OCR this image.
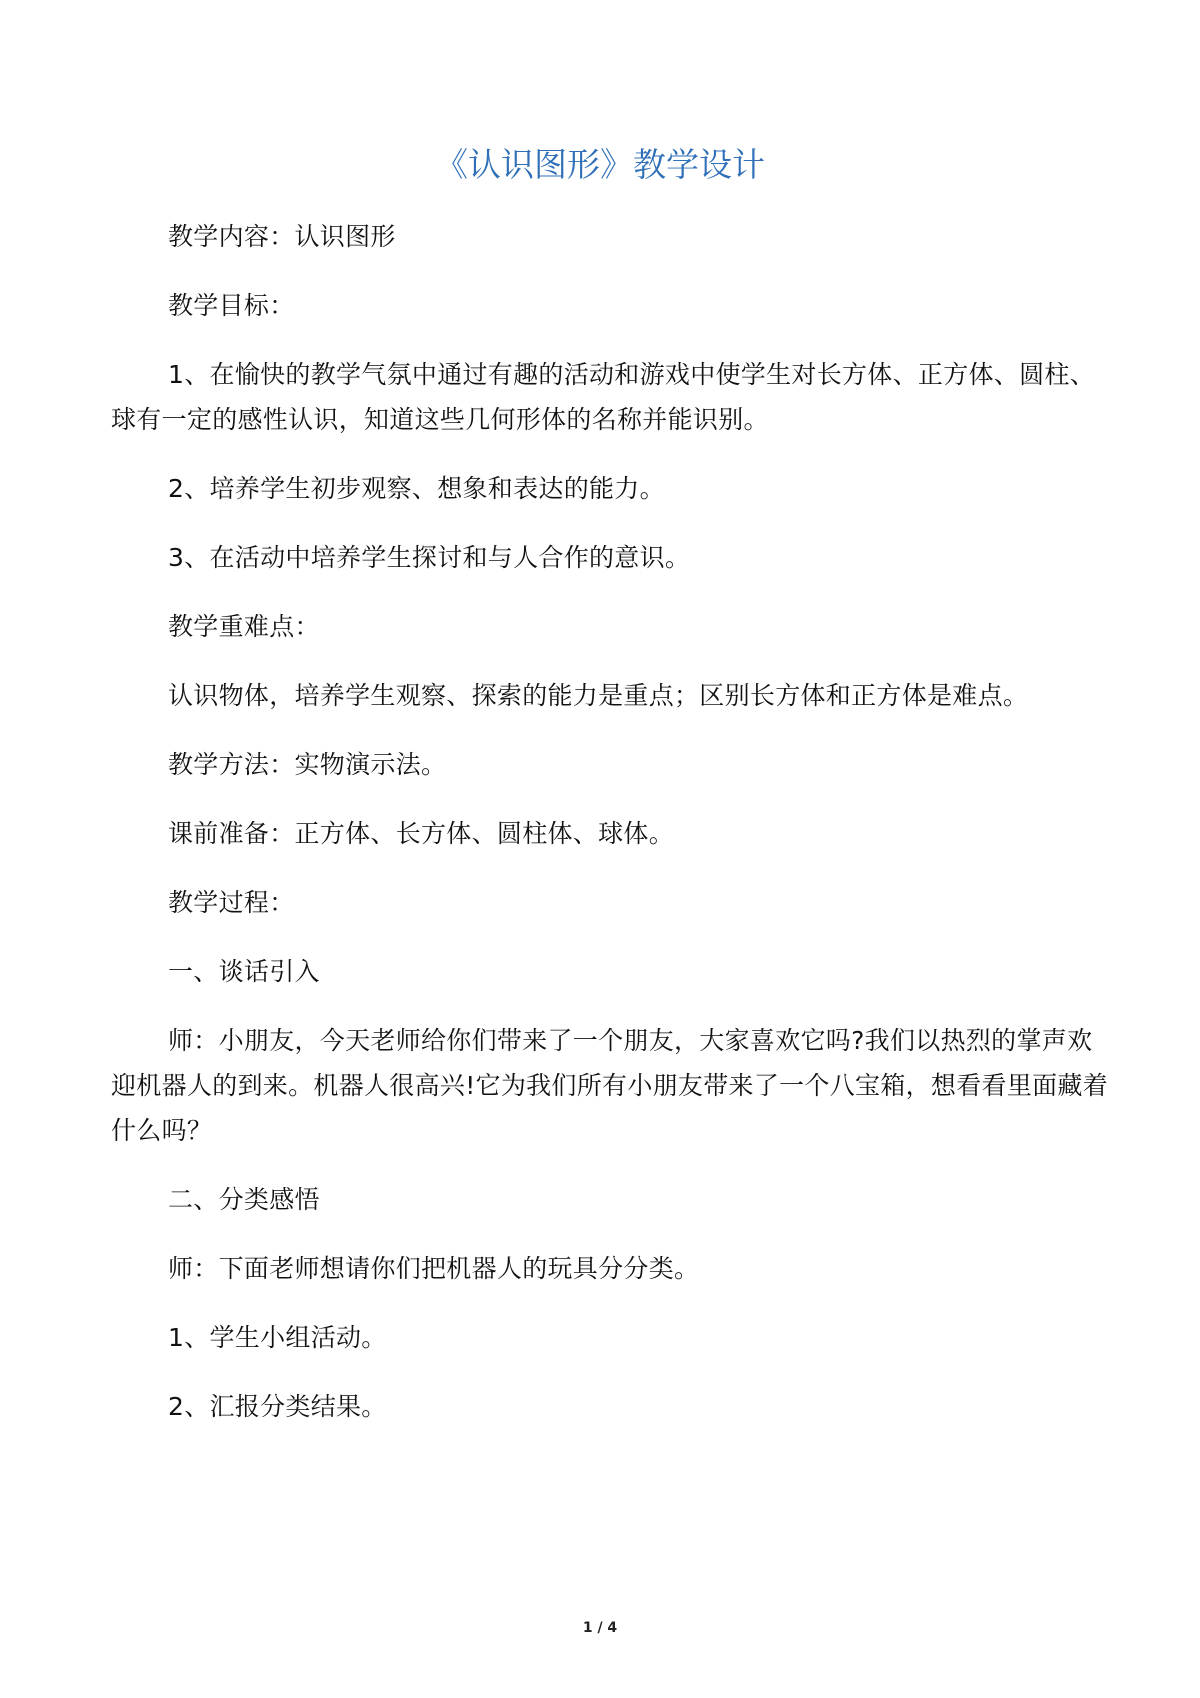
《认识图形》教学设计

教学内容：认识图形

教学目标：

1、在愉快的教学气氛中通过有趣的活动和游戏中使学生对长方体、正方体、圆柱、球有一定的感性认识，知道这些几何形体的名称并能识别。

2、培养学生初步观察、想象和表达的能力。

3、在活动中培养学生探讨和与人合作的意识。

教学重难点：

认识物体，培养学生观察、探索的能力是重点；区别长方体和正方体是难点。

教学方法：实物演示法。

课前准备：正方体、长方体、圆柱体、球体。

教学过程：

一、谈话引入

师：小朋友，今天老师给你们带来了一个朋友，大家喜欢它吗?我们以热烈的掌声欢迎机器人的到来。机器人很高兴!它为我们所有小朋友带来了一个八宝箱，想看看里面藏着什么吗？

二、分类感悟

师：下面老师想请你们把机器人的玩具分分类。

1、学生小组活动。

2、汇报分类结果。

1 / 4
